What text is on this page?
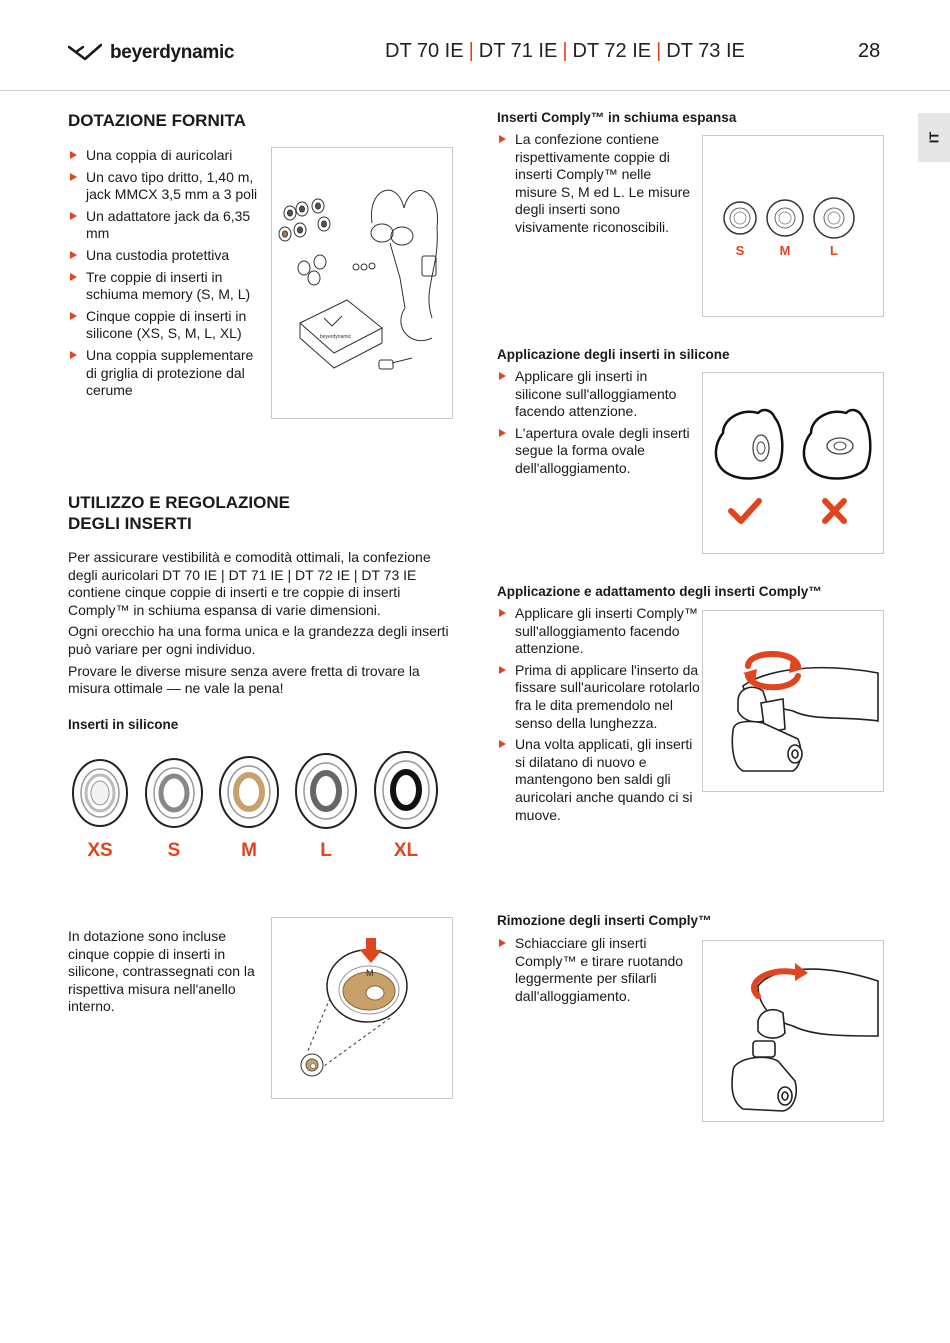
beyerdynamic	DT 70 IE | DT 71 IE | DT 72 IE | DT 73 IE	28
IT
DOTAZIONE FORNITA
Una coppia di auricolari
Un cavo tipo dritto, 1,40 m, jack MMCX 3,5 mm a 3 poli
Un adattatore jack da 6,35 mm
Una custodia protettiva
Tre coppie di inserti in schiuma memory (S, M, L)
Cinque coppie di inserti in silicone (XS, S, M, L, XL)
Una coppia supplementare di griglia di protezione dal cerume
beyerdynamic
UTILIZZO E REGOLAZIONE
DEGLI INSERTI

Per assicurare vestibilità e comodità ottimali, la confezione degli auricolari DT 70 IE | DT 71 IE | DT 72 IE | DT 73 IE contiene cinque coppie di inserti e tre coppie di inserti Comply™ in schiuma espansa di varie dimensioni.

Ogni orecchio ha una forma unica e la grandezza degli inserti può variare per ogni individuo.

Provare le diverse misure senza avere fretta di trovare la misura ottimale — ne vale la pena!

Inserti in silicone
XS	S	M	L	XL

In dotazione sono incluse cinque coppie di inserti in silicone, contrassegnati con la rispettiva misura nell'anello interno.

M
Inserti Comply™ in schiuma espansa
La confezione contiene rispettivamente coppie di inserti Comply™ nelle misure S, M ed L. Le misure degli inserti sono visivamente riconoscibili.
S	M	L
Applicazione degli inserti in silicone
Applicare gli inserti in silicone sull'alloggiamento facendo attenzione.
L'apertura ovale degli inserti segue la forma ovale dell'alloggiamento.
Applicazione e adattamento degli inserti Comply™
Applicare gli inserti Comply™ sull'alloggiamento facendo attenzione.
Prima di applicare l'inserto da fissare sull'auricolare rotolarlo fra le dita premendolo nel senso della lunghezza.
Una volta applicati, gli inserti si dilatano di nuovo e mantengono ben saldi gli auricolari anche quando ci si muove.
Rimozione degli inserti Comply™
Schiacciare gli inserti Comply™ e tirare ruotando leggermente per sfilarli dall'alloggiamento.
